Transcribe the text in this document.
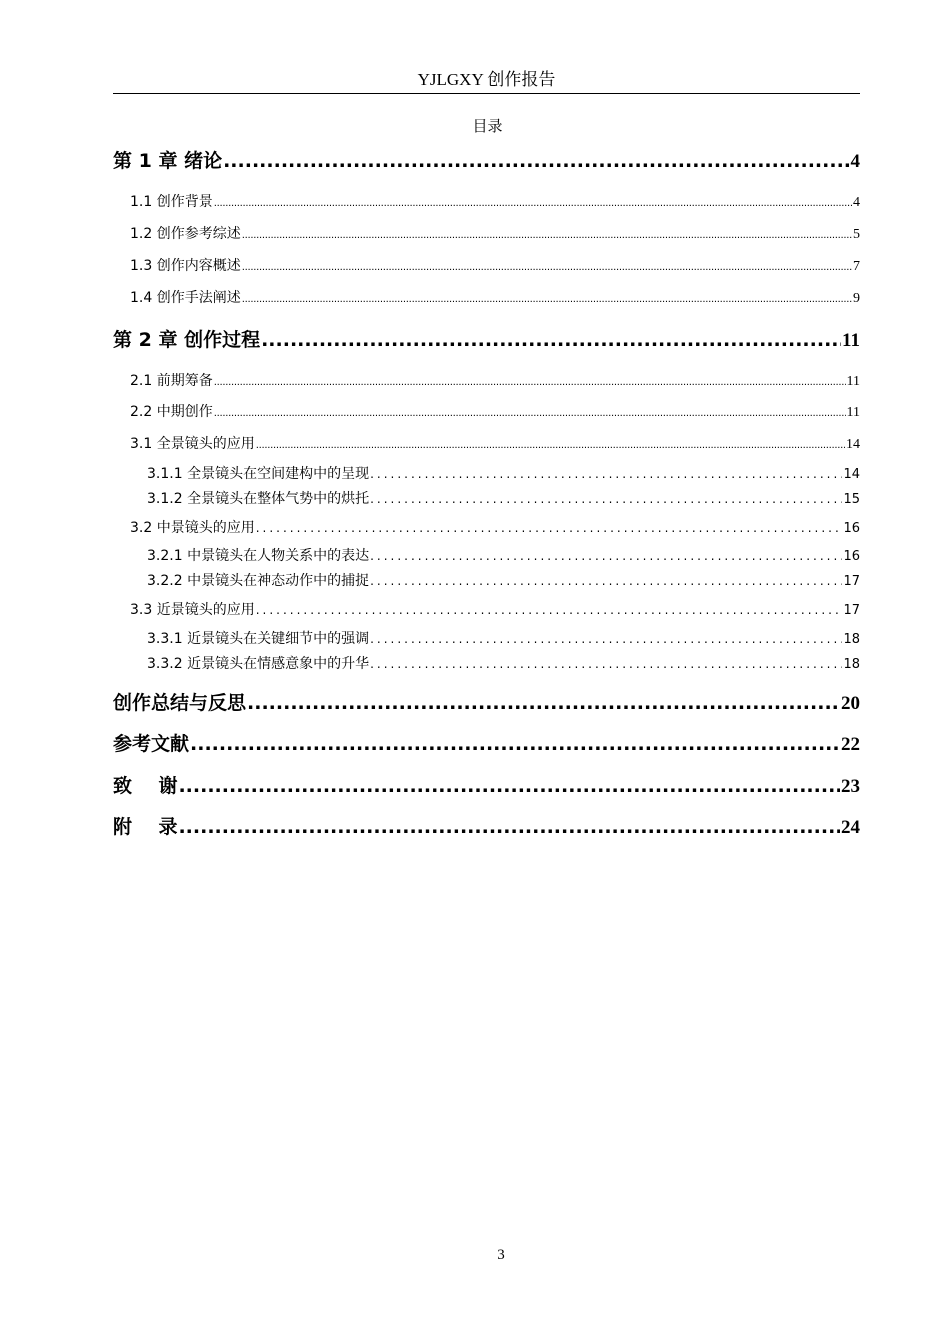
YJLGXY 创作报告
目录
第 1 章 绪论 .....	4
1.1 创作背景 .....	4
1.2 创作参考综述 .....	5
1.3 创作内容概述 .....	7
1.4 创作手法阐述 .....	9
第 2 章 创作过程 .....	11
2.1 前期筹备 .....	11
2.2 中期创作 .....	11
3.1 全景镜头的应用 .....	14
3.1.1 全景镜头在空间建构中的呈现 .....	14
3.1.2 全景镜头在整体气势中的烘托 .....	15
3.2 中景镜头的应用 .....	16
3.2.1 中景镜头在人物关系中的表达 .....	16
3.2.2 中景镜头在神态动作中的捕捉 .....	17
3.3 近景镜头的应用 .....	17
3.3.1 近景镜头在关键细节中的强调 .....	18
3.3.2 近景镜头在情感意象中的升华 .....	18
创作总结与反思 .....	20
参考文献 .....	22
致    谢 .....	23
附    录 .....	24
3
